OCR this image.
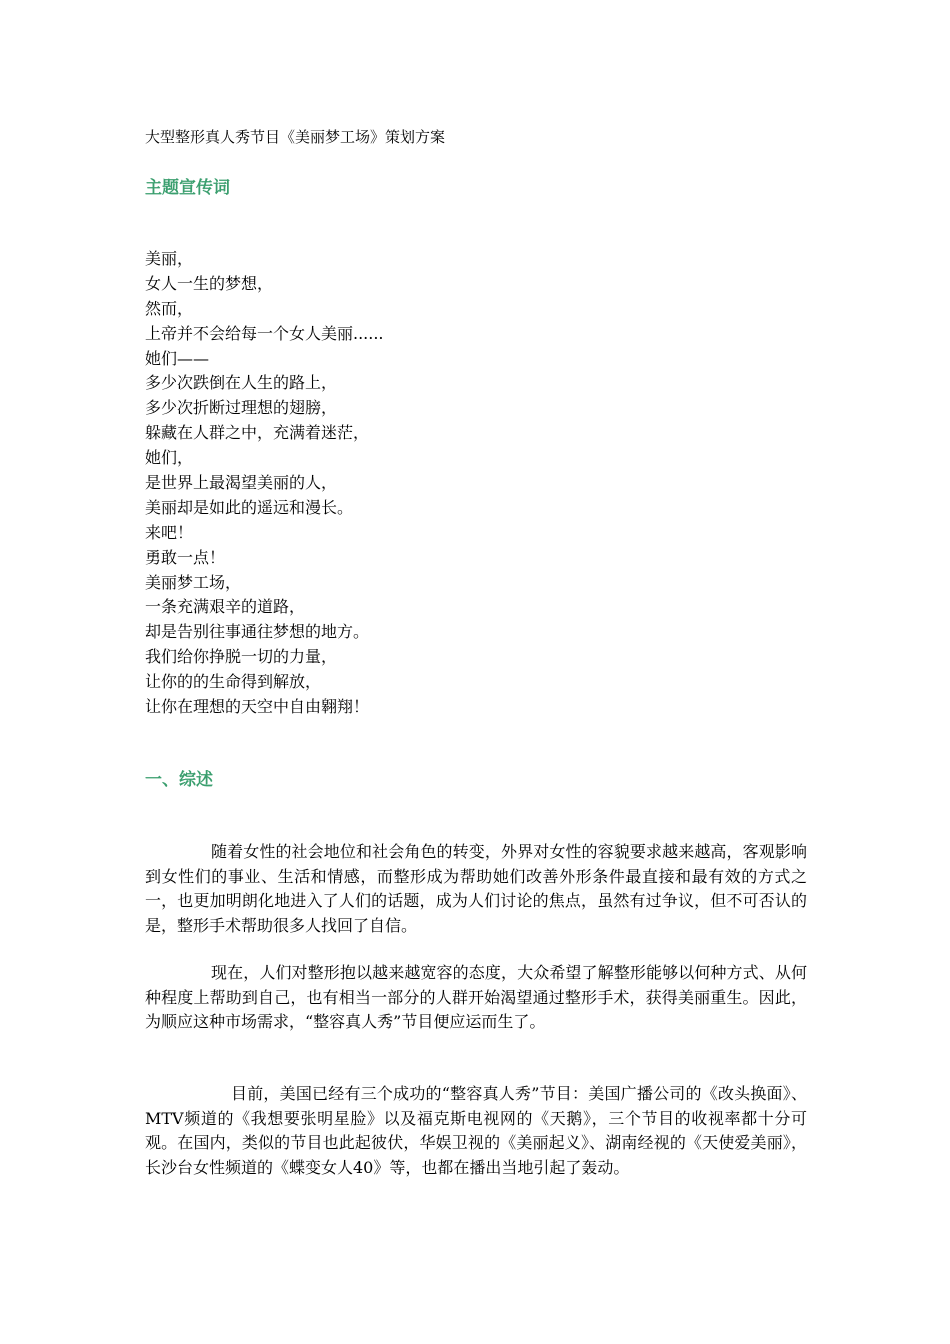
大型整形真人秀节目《美丽梦工场》策划方案
主题宣传词
美丽，
女人一生的梦想，
然而，
上帝并不会给每一个女人美丽......
她们——
多少次跌倒在人生的路上，
多少次折断过理想的翅膀，
躲藏在人群之中，充满着迷茫，
她们，
是世界上最渴望美丽的人，
美丽却是如此的遥远和漫长。
来吧！
勇敢一点！
美丽梦工场，
一条充满艰辛的道路，
却是告别往事通往梦想的地方。
我们给你挣脱一切的力量，
让你的的生命得到解放，
让你在理想的天空中自由翱翔！
一、综述

随着女性的社会地位和社会角色的转变，外界对女性的容貌要求越来越高，客观影响到女性们的事业、生活和情感，而整形成为帮助她们改善外形条件最直接和最有效的方式之一，也更加明朗化地进入了人们的话题，成为人们讨论的焦点，虽然有过争议，但不可否认的是，整形手术帮助很多人找回了自信。

现在，人们对整形抱以越来越宽容的态度，大众希望了解整形能够以何种方式、从何种程度上帮助到自己，也有相当一部分的人群开始渴望通过整形手术，获得美丽重生。因此，为顺应这种市场需求，“整容真人秀”节目便应运而生了。

目前，美国已经有三个成功的“整容真人秀”节目：美国广播公司的《改头换面》、MTV频道的《我想要张明星脸》以及福克斯电视网的《天鹅》，三个节目的收视率都十分可观。在国内，类似的节目也此起彼伏，华娱卫视的《美丽起义》、湖南经视的《天使爱美丽》，长沙台女性频道的《蝶变女人40》等，也都在播出当地引起了轰动。
